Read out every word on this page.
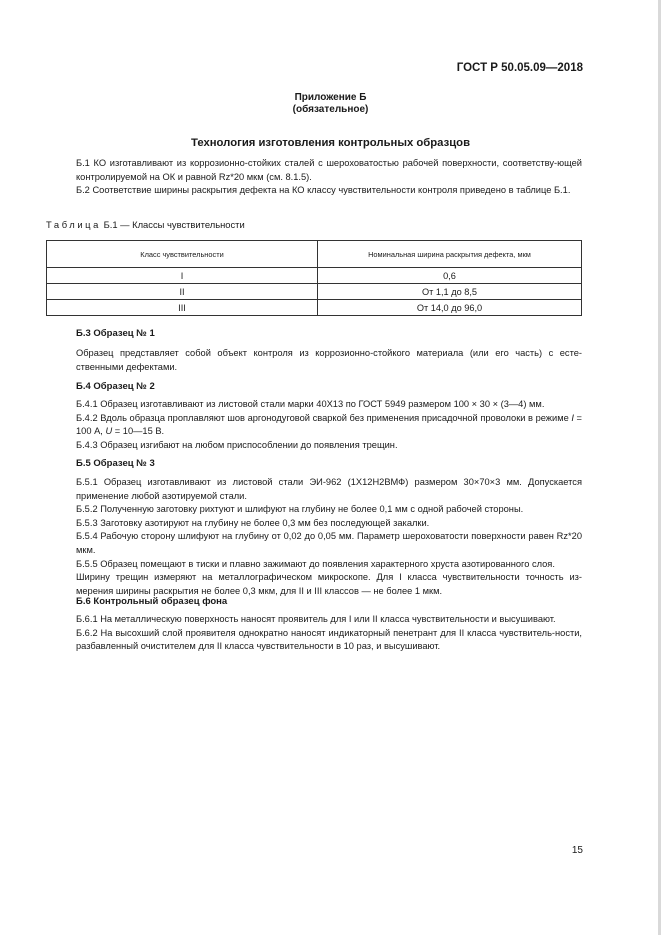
ГОСТ Р 50.05.09—2018
Приложение Б
(обязательное)
Технология изготовления контрольных образцов
Б.1 КО изготавливают из коррозионно-стойких сталей с шероховатостью рабочей поверхности, соответству-ющей контролируемой на ОК и равной Rz*20 мкм (см. 8.1.5).
Б.2 Соответствие ширины раскрытия дефекта на КО классу чувствительности контроля приведено в таблице Б.1.
Таблица Б.1 — Классы чувствительности
Класс чувствительности	Номинальная ширина раскрытия дефекта, мкм
I	0,6
II	От 1,1 до 8,5
III	От 14,0 до 96,0
Б.3 Образец № 1
Образец представляет собой объект контроля из коррозионно-стойкого материала (или его часть) с есте-ственными дефектами.
Б.4 Образец № 2
Б.4.1 Образец изготавливают из листовой стали марки 40Х13 по ГОСТ 5949 размером 100 × 30 × (3—4) мм.
Б.4.2 Вдоль образца проплавляют шов аргонодуговой сваркой без применения присадочной проволоки в режиме I = 100 А, U = 10—15 В.
Б.4.3 Образец изгибают на любом приспособлении до появления трещин.
Б.5 Образец № 3
Б.5.1 Образец изготавливают из листовой стали ЭИ-962 (1Х12Н2ВМФ) размером 30×70×3 мм. Допускается применение любой азотируемой стали.
Б.5.2 Полученную заготовку рихтуют и шлифуют на глубину не более 0,1 мм с одной рабочей стороны.
Б.5.3 Заготовку азотируют на глубину не более 0,3 мм без последующей закалки.
Б.5.4 Рабочую сторону шлифуют на глубину от 0,02 до 0,05 мм. Параметр шероховатости поверхности равен Rz*20 мкм.
Б.5.5 Образец помещают в тиски и плавно зажимают до появления характерного хруста азотированного слоя.
Ширину трещин измеряют на металлографическом микроскопе. Для I класса чувствительности точность из-мерения ширины раскрытия не более 0,3 мкм, для II и III классов — не более 1 мкм.
Б.6 Контрольный образец фона
Б.6.1 На металлическую поверхность наносят проявитель для I или II класса чувствительности и высушивают.
Б.6.2 На высохший слой проявителя однократно наносят индикаторный пенетрант для II класса чувствитель-ности, разбавленный очистителем для II класса чувствительности в 10 раз, и высушивают.
15
